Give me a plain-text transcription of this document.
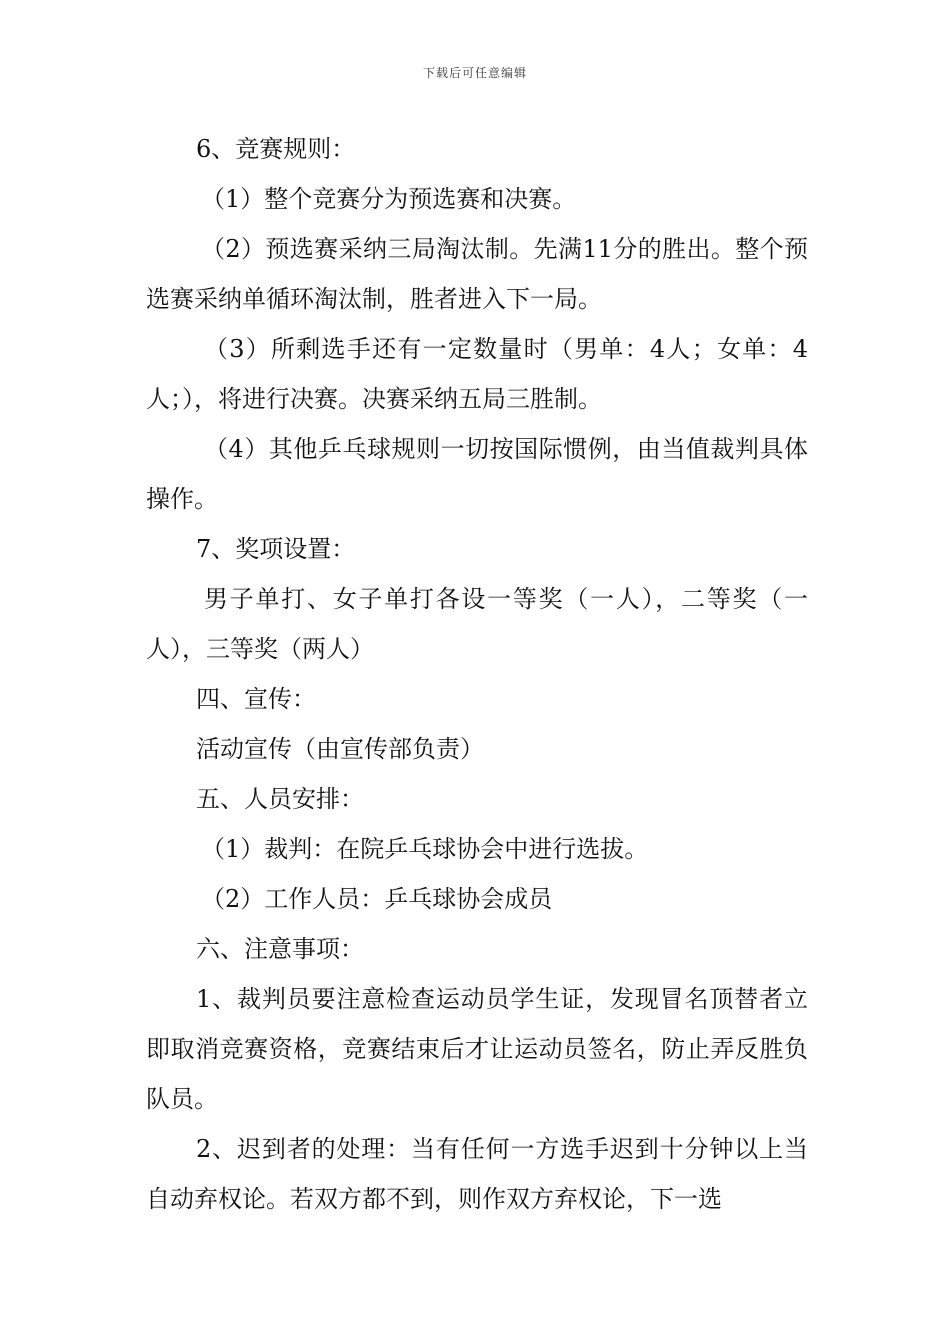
下载后可任意编辑

6、竞赛规则：

（1）整个竞赛分为预选赛和决赛。

（2）预选赛采纳三局淘汰制。先满11分的胜出。整个预选赛采纳单循环淘汰制，胜者进入下一局。

（3）所剩选手还有一定数量时（男单：4人；女单：4人；），将进行决赛。决赛采纳五局三胜制。

（4）其他乒乓球规则一切按国际惯例，由当值裁判具体操作。

7、奖项设置：

男子单打、女子单打各设一等奖（一人），二等奖（一人），三等奖（两人）

四、宣传：

活动宣传（由宣传部负责）

五、人员安排：

（1）裁判：在院乒乓球协会中进行选拔。

（2）工作人员：乒乓球协会成员

六、注意事项：

1、裁判员要注意检查运动员学生证，发现冒名顶替者立即取消竞赛资格，竞赛结束后才让运动员签名，防止弄反胜负队员。

2、迟到者的处理：当有任何一方选手迟到十分钟以上当自动弃权论。若双方都不到，则作双方弃权论，下一选
